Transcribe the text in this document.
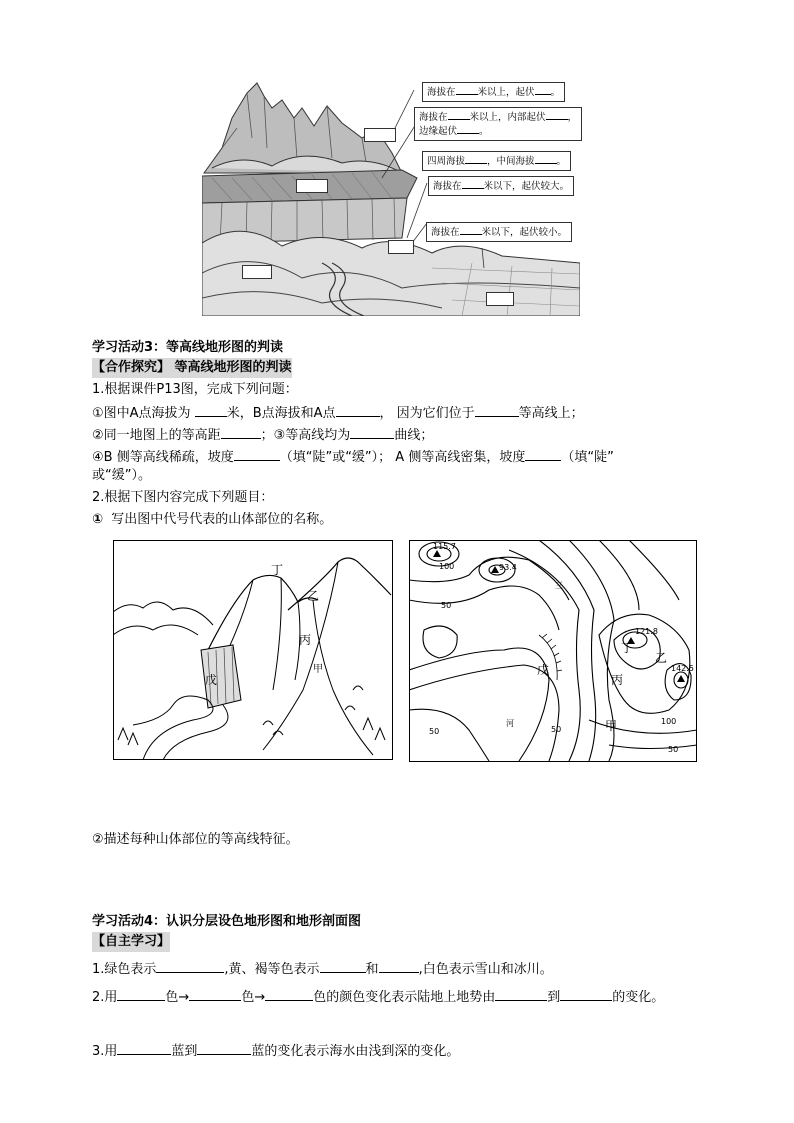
海拔在 米以上，起伏 。
海拔在 米以上，内部起伏 ，
边缘起伏 。
四周海拔 ，中间海拔 。
海拔在 米以下，起伏较大。
海拔在 米以下，起伏较小。
学习活动3：等高线地形图的判读
【合作探究】 等高线地形图的判读
1.根据课件P13图，完成下列问题：
①图中A点海拔为	米，B点海拔和A点	， 因为它们位于	等高线上；
②同一地图上的等高距	；③等高线均为	曲线；
④B 侧等高线稀疏，坡度	（填“陡”或“缓”）； A 侧等高线密集，坡度	（填“陡”
或“缓”）。
2.根据下图内容完成下列题目：
① 写出图中代号代表的山体部位的名称。
丁
乙
丙
甲
戊
115.7
93.4
121.8
142.5
100
50
50	50
100
50
丁
乙
丙
甲
戊
河
三
②描述每种山体部位的等高线特征。
学习活动4：认识分层设色地形图和地形剖面图
【自主学习】
1.绿色表示	,黄、褐等色表示	和	,白色表示雪山和冰川。
2.用	色→	色→	色的颜色变化表示陆地上地势由	到	的变化。
3.用	蓝到	蓝的变化表示海水由浅到深的变化。
